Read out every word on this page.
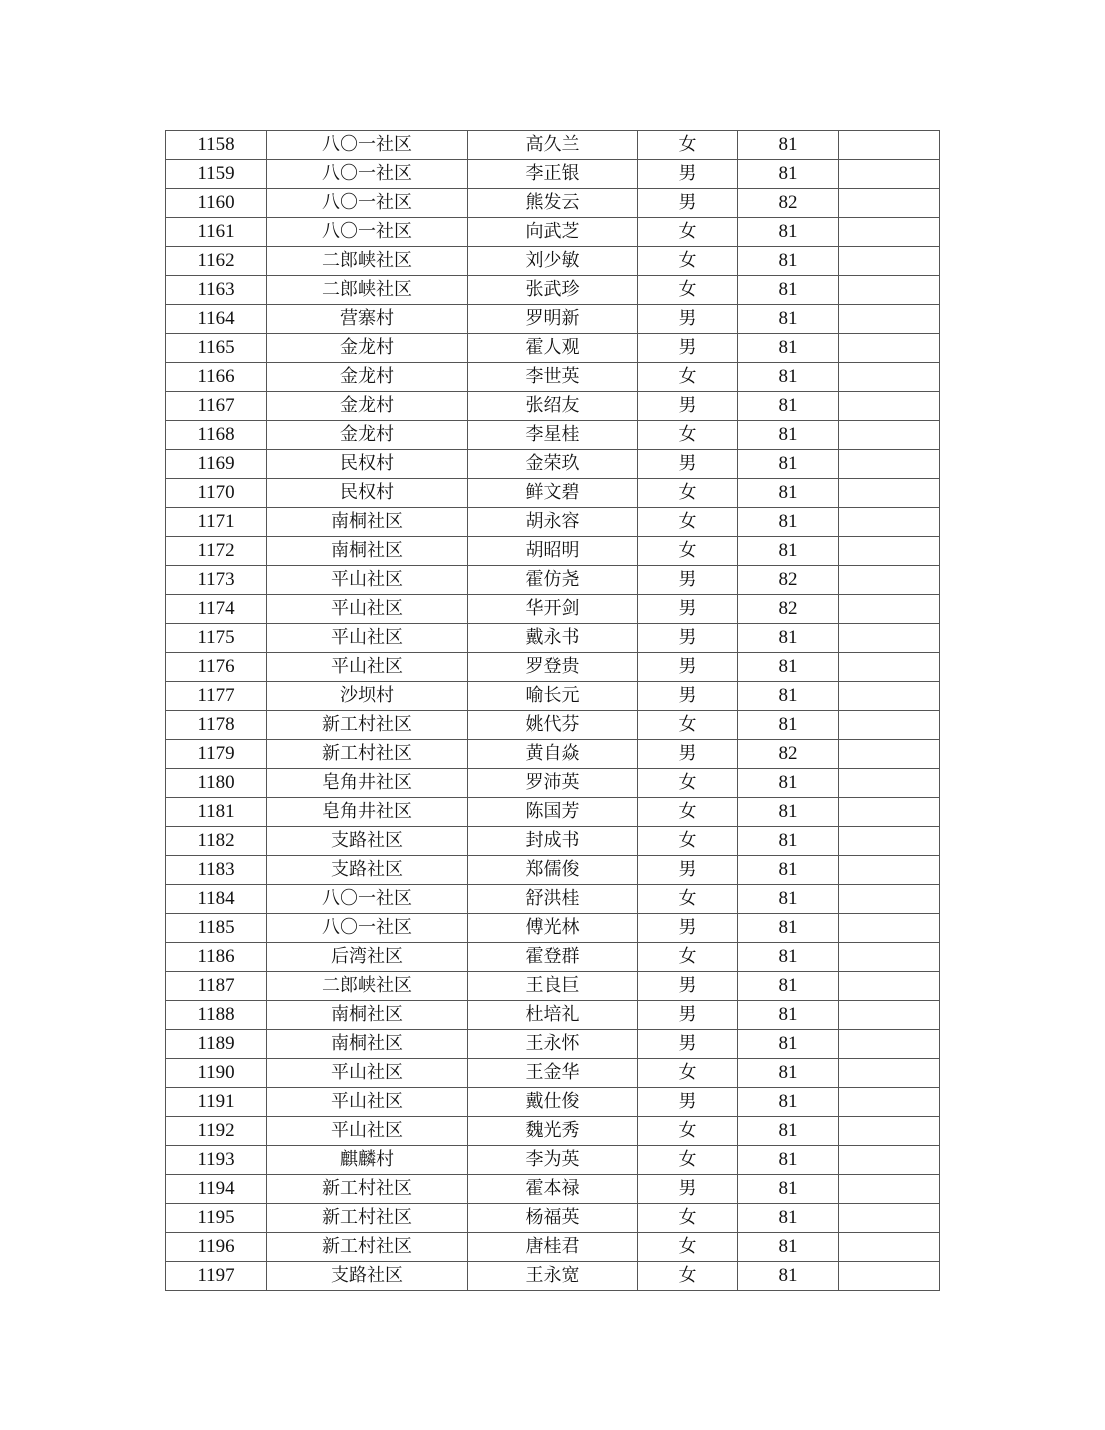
1158	八〇一社区	高久兰	女	81	
1159	八〇一社区	李正银	男	81	
1160	八〇一社区	熊发云	男	82	
1161	八〇一社区	向武芝	女	81	
1162	二郎峡社区	刘少敏	女	81	
1163	二郎峡社区	张武珍	女	81	
1164	营寨村	罗明新	男	81	
1165	金龙村	霍人观	男	81	
1166	金龙村	李世英	女	81	
1167	金龙村	张绍友	男	81	
1168	金龙村	李星桂	女	81	
1169	民权村	金荣玖	男	81	
1170	民权村	鲜文碧	女	81	
1171	南桐社区	胡永容	女	81	
1172	南桐社区	胡昭明	女	81	
1173	平山社区	霍仿尧	男	82	
1174	平山社区	华开剑	男	82	
1175	平山社区	戴永书	男	81	
1176	平山社区	罗登贵	男	81	
1177	沙坝村	喻长元	男	81	
1178	新工村社区	姚代芬	女	81	
1179	新工村社区	黄自焱	男	82	
1180	皂角井社区	罗沛英	女	81	
1181	皂角井社区	陈国芳	女	81	
1182	支路社区	封成书	女	81	
1183	支路社区	郑儒俊	男	81	
1184	八〇一社区	舒洪桂	女	81	
1185	八〇一社区	傅光林	男	81	
1186	后湾社区	霍登群	女	81	
1187	二郎峡社区	王良巨	男	81	
1188	南桐社区	杜培礼	男	81	
1189	南桐社区	王永怀	男	81	
1190	平山社区	王金华	女	81	
1191	平山社区	戴仕俊	男	81	
1192	平山社区	魏光秀	女	81	
1193	麒麟村	李为英	女	81	
1194	新工村社区	霍本禄	男	81	
1195	新工村社区	杨福英	女	81	
1196	新工村社区	唐桂君	女	81	
1197	支路社区	王永宽	女	81	
